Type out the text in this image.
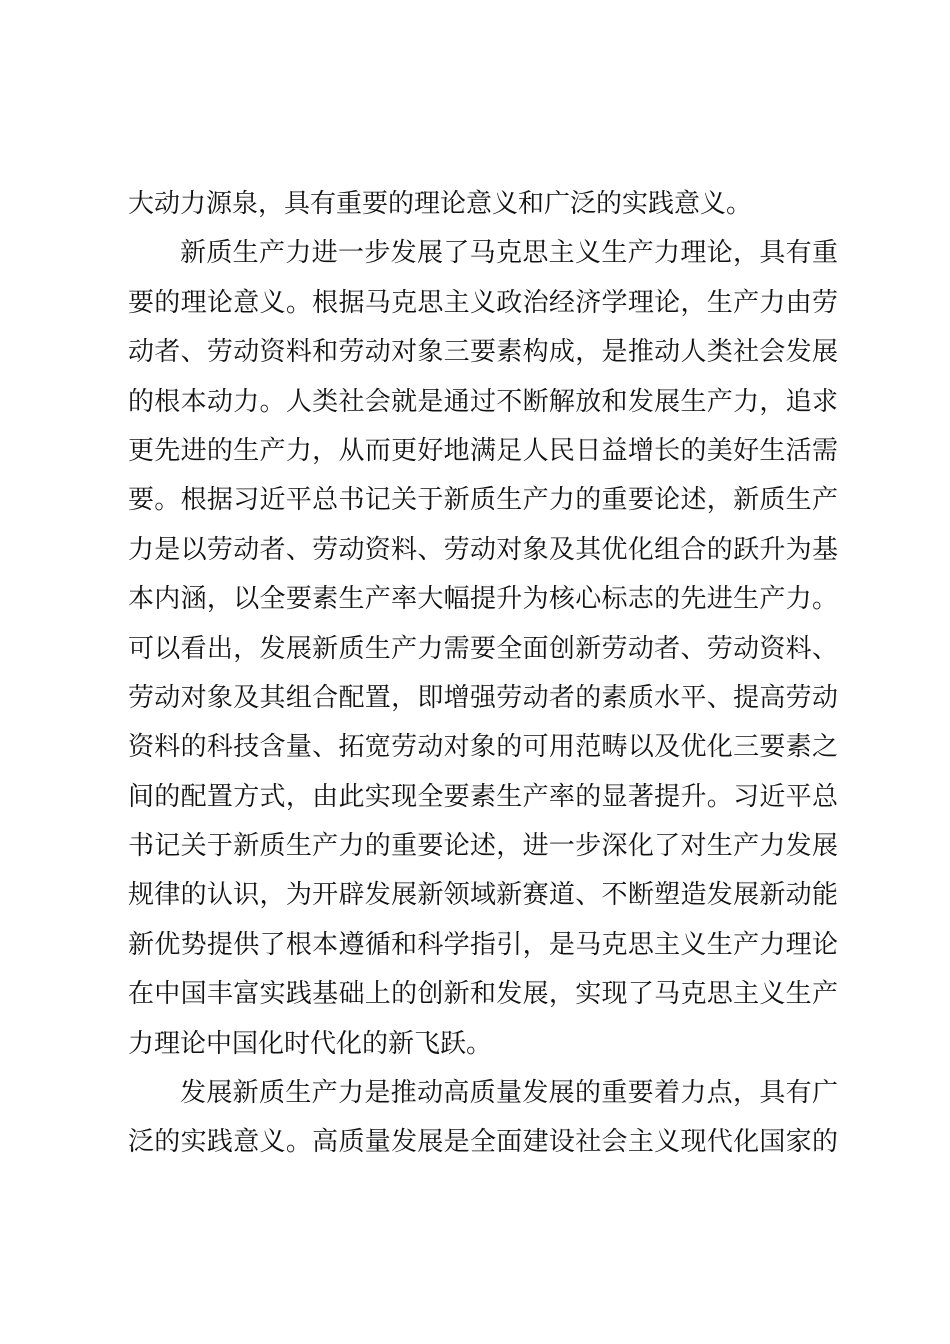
大动力源泉，具有重要的理论意义和广泛的实践意义。
新质生产力进一步发展了马克思主义生产力理论，具有重
要的理论意义。根据马克思主义政治经济学理论，生产力由劳
动者、劳动资料和劳动对象三要素构成，是推动人类社会发展
的根本动力。人类社会就是通过不断解放和发展生产力，追求
更先进的生产力，从而更好地满足人民日益增长的美好生活需
要。根据习近平总书记关于新质生产力的重要论述，新质生产
力是以劳动者、劳动资料、劳动对象及其优化组合的跃升为基
本内涵，以全要素生产率大幅提升为核心标志的先进生产力。
可以看出，发展新质生产力需要全面创新劳动者、劳动资料、
劳动对象及其组合配置，即增强劳动者的素质水平、提高劳动
资料的科技含量、拓宽劳动对象的可用范畴以及优化三要素之
间的配置方式，由此实现全要素生产率的显著提升。习近平总
书记关于新质生产力的重要论述，进一步深化了对生产力发展
规律的认识，为开辟发展新领域新赛道、不断塑造发展新动能
新优势提供了根本遵循和科学指引，是马克思主义生产力理论
在中国丰富实践基础上的创新和发展，实现了马克思主义生产
力理论中国化时代化的新飞跃。
发展新质生产力是推动高质量发展的重要着力点，具有广
泛的实践意义。高质量发展是全面建设社会主义现代化国家的
